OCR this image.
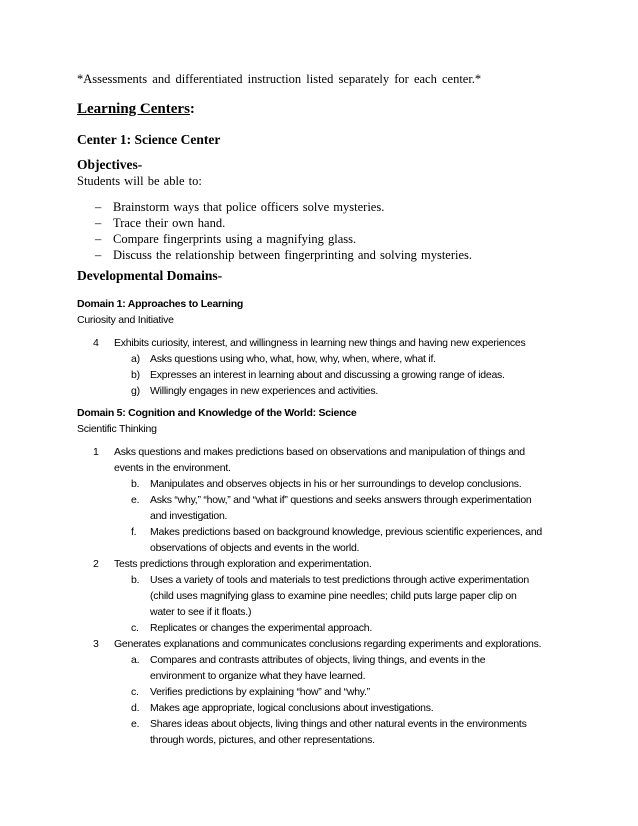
*Assessments and differentiated instruction listed separately for each center.*
Learning Centers:
Center 1: Science Center
Objectives-
Students will be able to:
– Brainstorm ways that police officers solve mysteries.
– Trace their own hand.
– Compare fingerprints using a magnifying glass.
– Discuss the relationship between fingerprinting and solving mysteries.
Developmental Domains-
Domain 1: Approaches to Learning
Curiosity and Initiative
4 Exhibits curiosity, interest, and willingness in learning new things and having new experiences
a) Asks questions using who, what, how, why, when, where, what if.
b) Expresses an interest in learning about and discussing a growing range of ideas.
g) Willingly engages in new experiences and activities.
Domain 5: Cognition and Knowledge of the World: Science
Scientific Thinking
1 Asks questions and makes predictions based on observations and manipulation of things and
events in the environment.
b. Manipulates and observes objects in his or her surroundings to develop conclusions.
e. Asks “why,” “how,” and “what if” questions and seeks answers through experimentation
and investigation.
f. Makes predictions based on background knowledge, previous scientific experiences, and
observations of objects and events in the world.
2 Tests predictions through exploration and experimentation.
b. Uses a variety of tools and materials to test predictions through active experimentation
(child uses magnifying glass to examine pine needles; child puts large paper clip on
water to see if it floats.)
c. Replicates or changes the experimental approach.
3 Generates explanations and communicates conclusions regarding experiments and explorations.
a. Compares and contrasts attributes of objects, living things, and events in the
environment to organize what they have learned.
c. Verifies predictions by explaining “how” and “why.”
d. Makes age appropriate, logical conclusions about investigations.
e. Shares ideas about objects, living things and other natural events in the environments
through words, pictures, and other representations.
